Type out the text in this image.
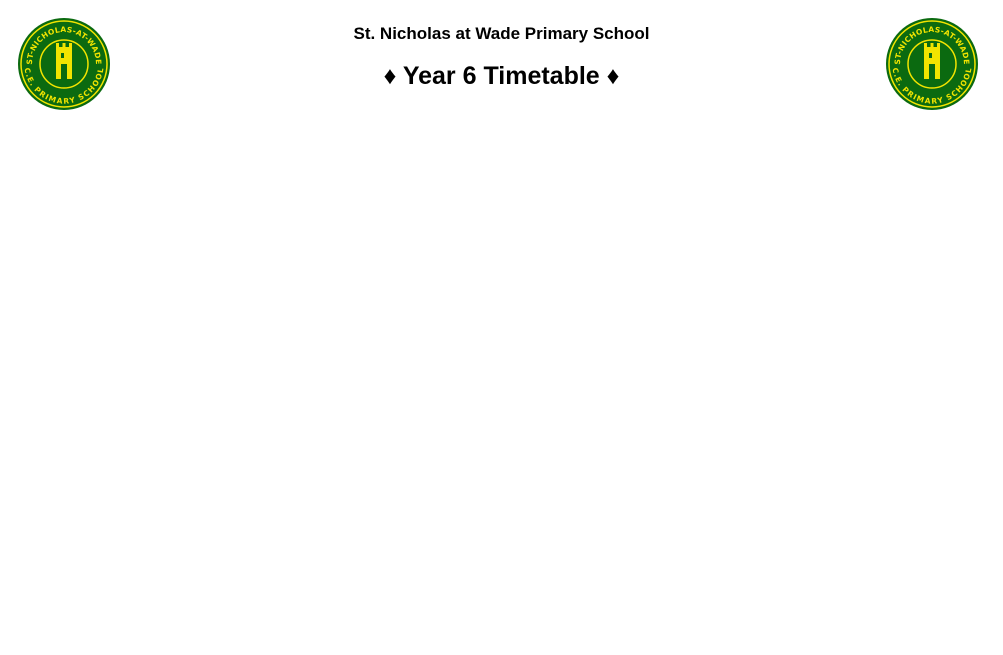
St. Nicholas at Wade Primary School
♦ Year 6 Timetable ♦
ST-NICHOLAS-AT-WADE
C.E. PRIMARY SCHOOL
ST-NICHOLAS-AT-WADE
C.E. PRIMARY SCHOOL
